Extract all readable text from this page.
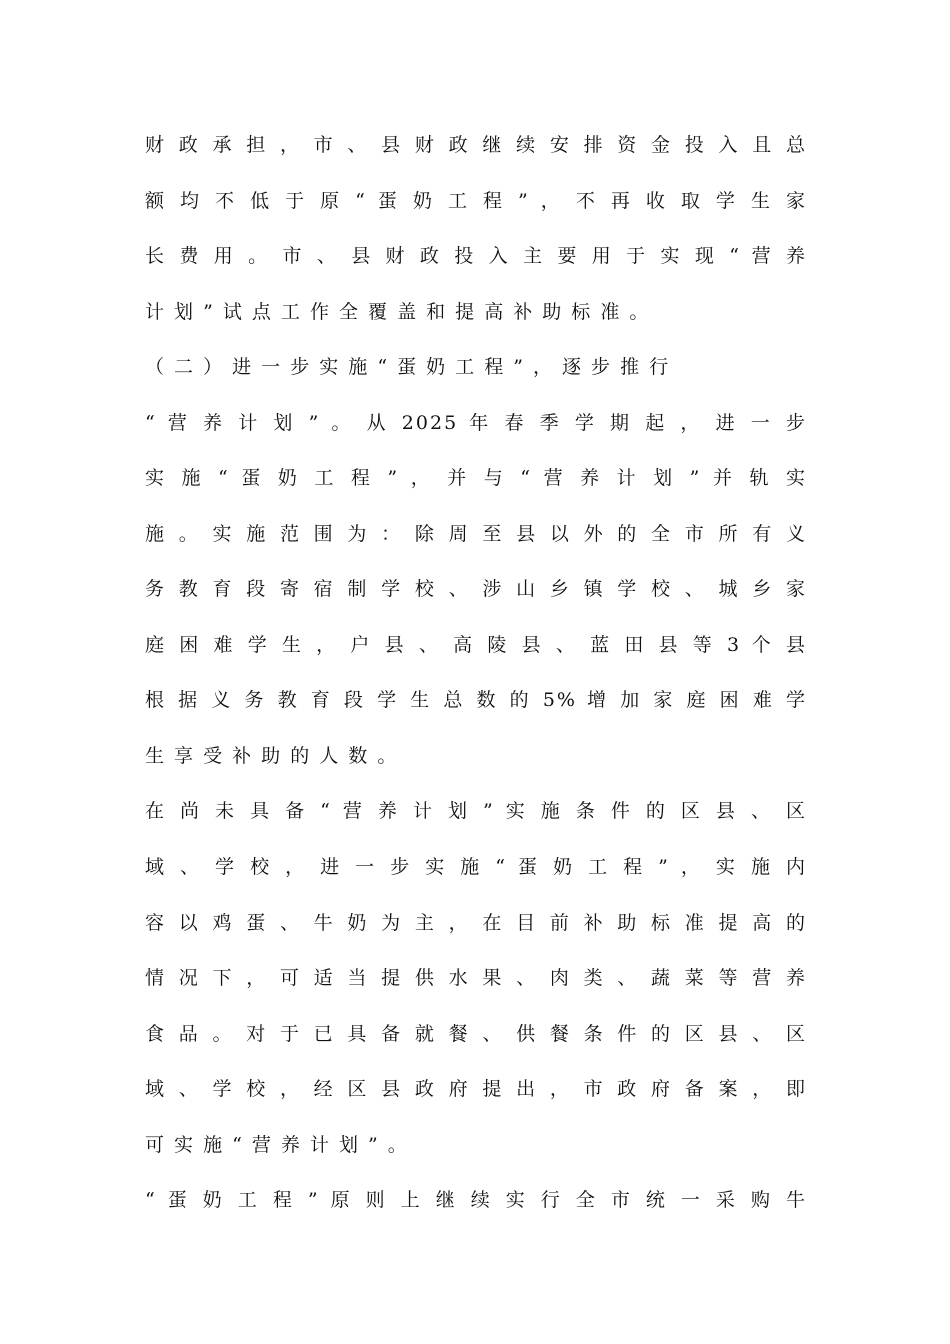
财 政 承 担 ， 市 、 县 财 政 继 续 安 排 资 金 投 入 且 总
额 均 不 低 于 原 “ 蛋 奶 工 程 ” ， 不 再 收 取 学 生 家
长 费 用 。 市 、 县 财 政 投 入 主 要 用 于 实 现 “ 营 养
计 划 ” 试 点 工 作 全 覆 盖 和 提 高 补 助 标 准 。
（ 二 ） 进 一 步 实 施 “ 蛋 奶 工 程 ” ， 逐 步 推 行
“ 营 养 计 划 ” 。 从 2025 年 春 季 学 期 起 ， 进 一 步
实 施 “ 蛋 奶 工 程 ” ， 并 与 “ 营 养 计 划 ” 并 轨 实
施 。 实 施 范 围 为 ： 除 周 至 县 以 外 的 全 市 所 有 义
务 教 育 段 寄 宿 制 学 校 、 涉 山 乡 镇 学 校 、 城 乡 家
庭 困 难 学 生 ， 户 县 、 高 陵 县 、 蓝 田 县 等 3 个 县
根 据 义 务 教 育 段 学 生 总 数 的 5% 增 加 家 庭 困 难 学
生 享 受 补 助 的 人 数 。
在 尚 未 具 备 “ 营 养 计 划 ” 实 施 条 件 的 区 县 、 区
域 、 学 校 ， 进 一 步 实 施 “ 蛋 奶 工 程 ” ， 实 施 内
容 以 鸡 蛋 、 牛 奶 为 主 ， 在 目 前 补 助 标 准 提 高 的
情 况 下 ， 可 适 当 提 供 水 果 、 肉 类 、 蔬 菜 等 营 养
食 品 。 对 于 已 具 备 就 餐 、 供 餐 条 件 的 区 县 、 区
域 、 学 校 ， 经 区 县 政 府 提 出 ， 市 政 府 备 案 ， 即
可 实 施 “ 营 养 计 划 ” 。
“ 蛋 奶 工 程 ” 原 则 上 继 续 实 行 全 市 统 一 采 购 牛
